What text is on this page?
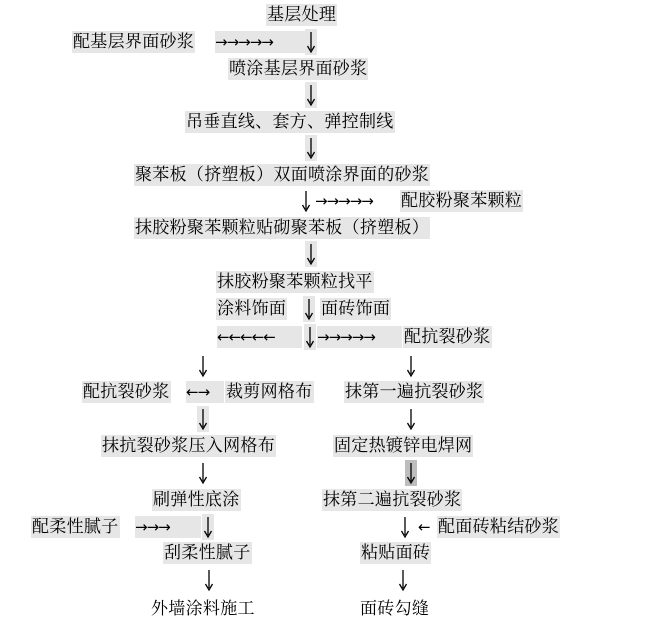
基层处理
配基层界面砂浆 →→→→→
喷涂基层界面砂浆
吊垂直线、套方、弹控制线
聚苯板（挤塑板）双面喷涂界面的砂浆
→→→→→	配胶粉聚苯颗粒
抹胶粉聚苯颗粒贴砌聚苯板（挤塑板）
抹胶粉聚苯颗粒找平
涂料饰面 面砖饰面
←←←←←	→→→→→	配抗裂砂浆
配抗裂砂浆 ←→ 裁剪网格布 抹第一遍抗裂砂浆
抹抗裂砂浆压入网格布	固定热镀锌电焊网
刷弹性底涂	抹第二遍抗裂砂浆
配柔性腻子 →→→	← 配面砖粘结砂浆
刮柔性腻子	粘贴面砖
外墙涂料施工	面砖勾缝
